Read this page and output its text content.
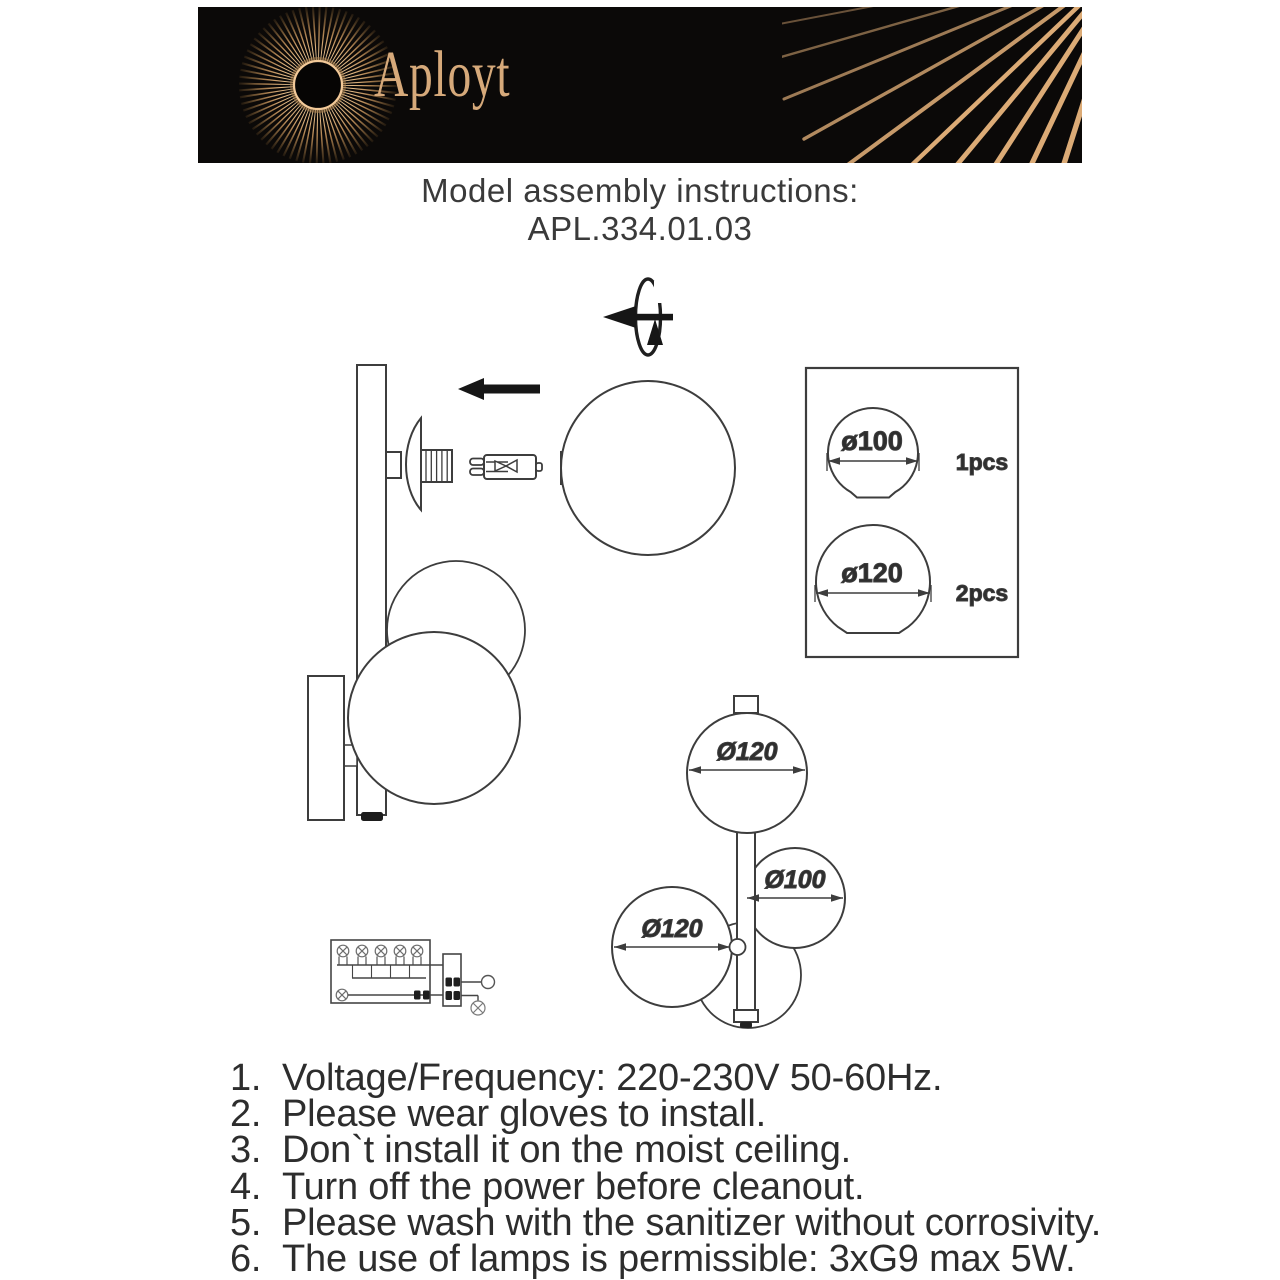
Aployt
Model assembly instructions:
APL.334.01.03
ø100
1pcs
ø120
2pcs
Ø120
Ø100
Ø120
1. Voltage/Frequency: 220-230V 50-60Hz.
2. Please wear gloves to install.
3. Don`t install it on the moist ceiling.
4. Turn off the power before cleanout.
5. Please wash with the sanitizer without corrosivity.
6. The use of lamps is permissible: 3xG9 max 5W.
